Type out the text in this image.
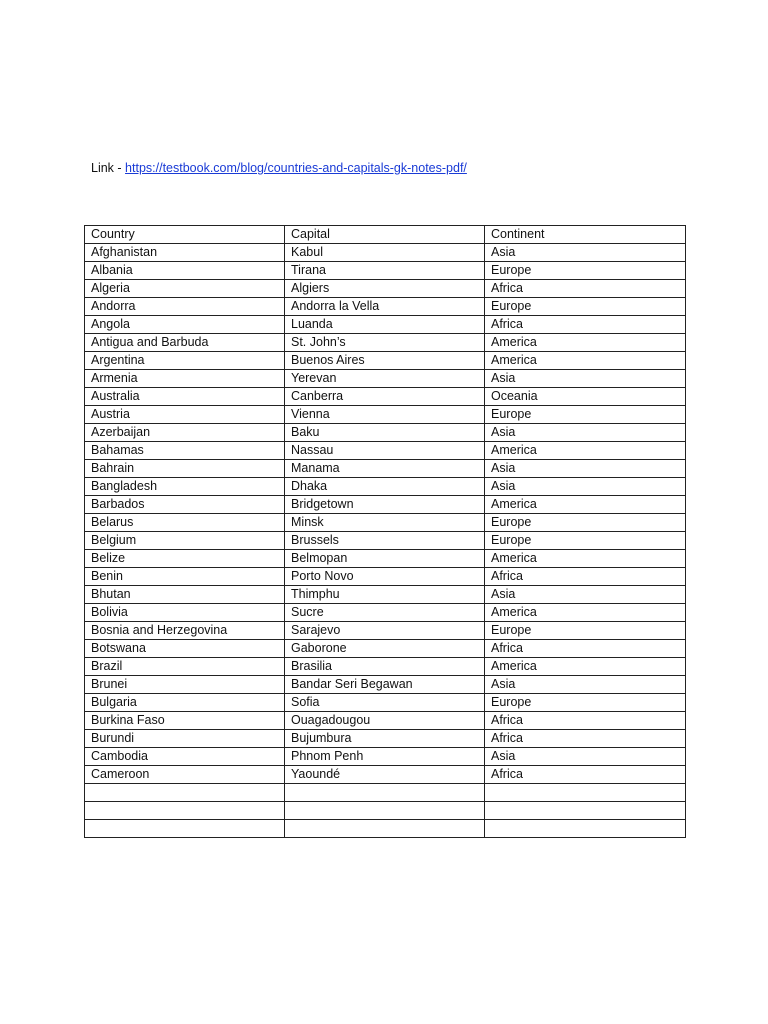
Link - https://testbook.com/blog/countries-and-capitals-gk-notes-pdf/
Country	Capital	Continent
Afghanistan	Kabul	Asia
Albania	Tirana	Europe
Algeria	Algiers	Africa
Andorra	Andorra la Vella	Europe
Angola	Luanda	Africa
Antigua and Barbuda	St. John’s	America
Argentina	Buenos Aires	America
Armenia	Yerevan	Asia
Australia	Canberra	Oceania
Austria	Vienna	Europe
Azerbaijan	Baku	Asia
Bahamas	Nassau	America
Bahrain	Manama	Asia
Bangladesh	Dhaka	Asia
Barbados	Bridgetown	America
Belarus	Minsk	Europe
Belgium	Brussels	Europe
Belize	Belmopan	America
Benin	Porto Novo	Africa
Bhutan	Thimphu	Asia
Bolivia	Sucre	America
Bosnia and Herzegovina	Sarajevo	Europe
Botswana	Gaborone	Africa
Brazil	Brasilia	America
Brunei	Bandar Seri Begawan	Asia
Bulgaria	Sofia	Europe
Burkina Faso	Ouagadougou	Africa
Burundi	Bujumbura	Africa
Cambodia	Phnom Penh	Asia
Cameroon	Yaoundé	Africa
